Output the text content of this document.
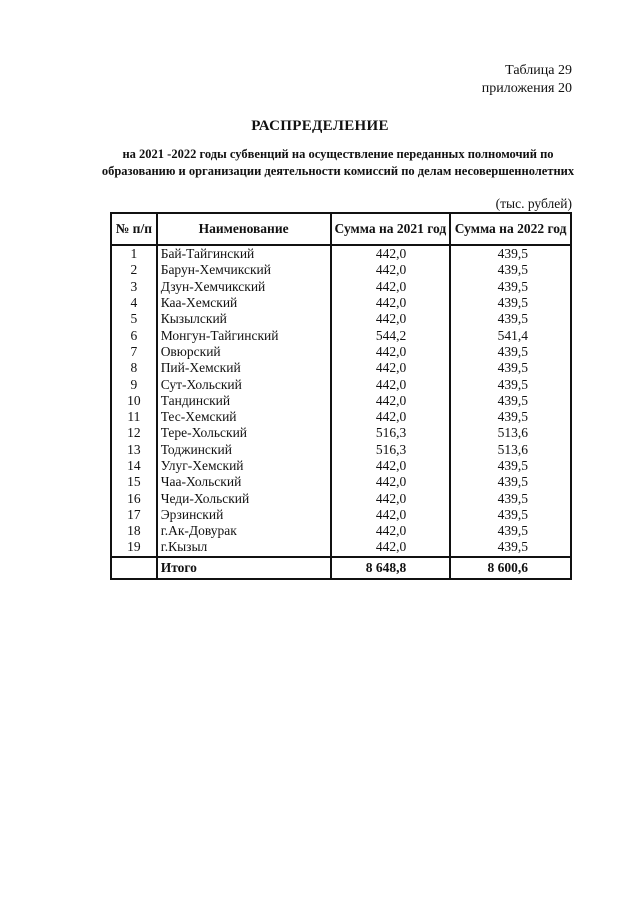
Таблица 29
приложения 20
РАСПРЕДЕЛЕНИЕ
на 2021 -2022 годы субвенций на осуществление переданных полномочий по образованию и организации деятельности комиссий по делам несовершеннолетних
(тыс. рублей)
№ п/п	Наименование	Сумма на 2021 год	Сумма на 2022 год
1	Бай-Тайгинский	442,0	439,5
2	Барун-Хемчикский	442,0	439,5
3	Дзун-Хемчикский	442,0	439,5
4	Каа-Хемский	442,0	439,5
5	Кызылский	442,0	439,5
6	Монгун-Тайгинский	544,2	541,4
7	Овюрский	442,0	439,5
8	Пий-Хемский	442,0	439,5
9	Сут-Хольский	442,0	439,5
10	Тандинский	442,0	439,5
11	Тес-Хемский	442,0	439,5
12	Тере-Хольский	516,3	513,6
13	Тоджинский	516,3	513,6
14	Улуг-Хемский	442,0	439,5
15	Чаа-Хольский	442,0	439,5
16	Чеди-Хольский	442,0	439,5
17	Эрзинский	442,0	439,5
18	г.Ак-Довурак	442,0	439,5
19	г.Кызыл	442,0	439,5
	Итого	8 648,8	8 600,6
